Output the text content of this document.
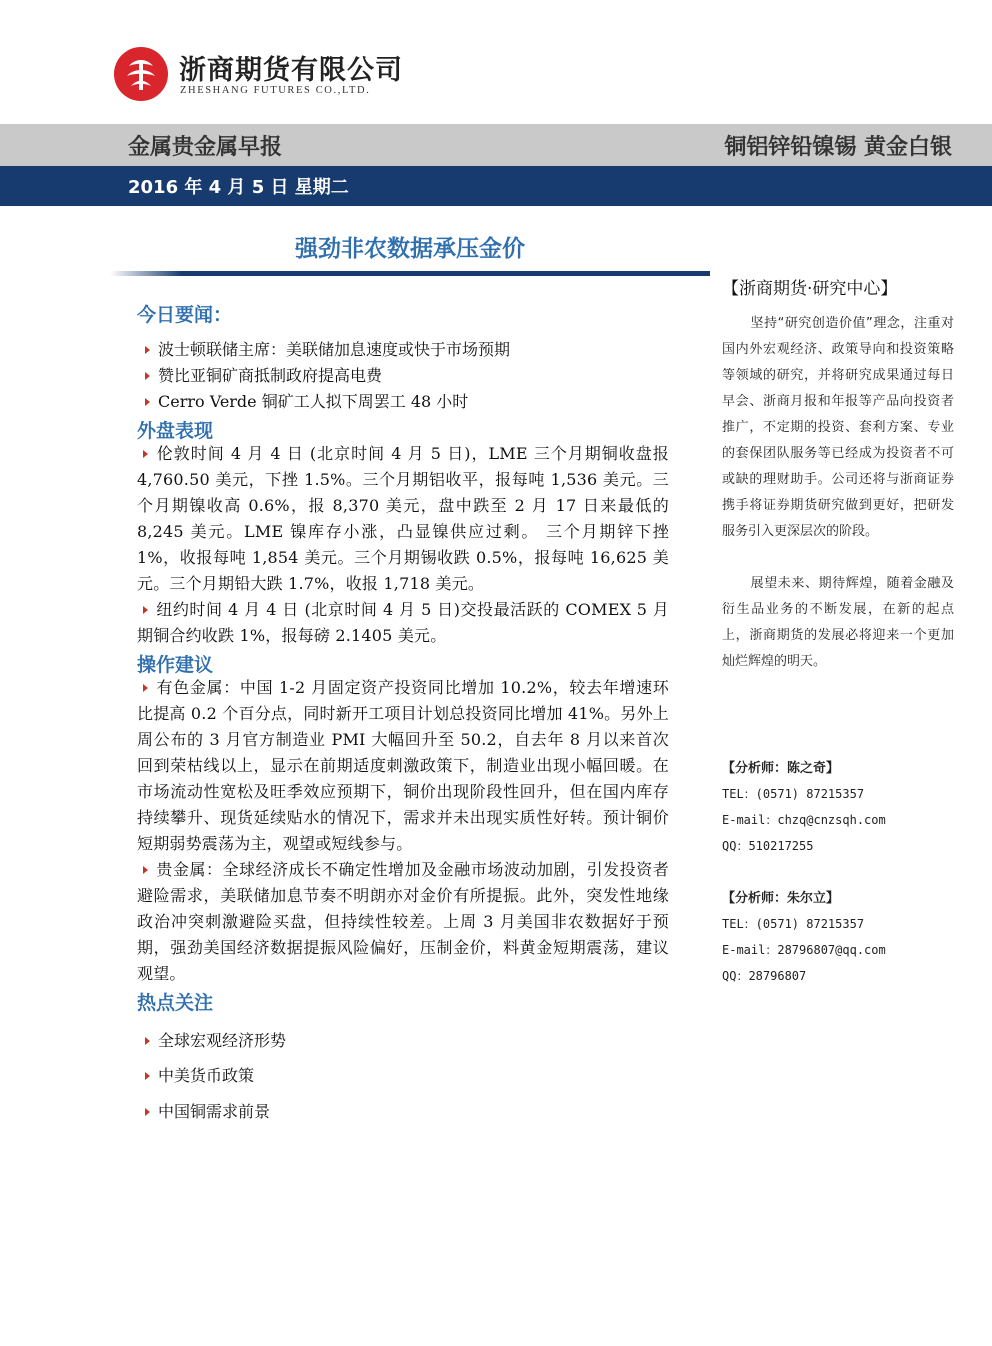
浙商期货有限公司
ZHESHANG FUTURES CO.,LTD.
金属贵金属早报	铜铝锌铅镍锡 黄金白银
2016 年 4 月 5 日 星期二
强劲非农数据承压金价
今日要闻：
波士顿联储主席：美联储加息速度或快于市场预期
赞比亚铜矿商抵制政府提高电费
Cerro Verde 铜矿工人拟下周罢工 48 小时
外盘表现
伦敦时间 4 月 4 日 (北京时间 4 月 5 日)，LME 三个月期铜收盘报 4,760.50 美元，下挫 1.5%。三个月期铝收平，报每吨 1,536 美元。三个月期镍收高 0.6%，报 8,370 美元，盘中跌至 2 月 17 日来最低的 8,245 美元。LME 镍库存小涨，凸显镍供应过剩。 三个月期锌下挫 1%，收报每吨 1,854 美元。三个月期锡收跌 0.5%，报每吨 16,625 美元。三个月期铅大跌 1.7%，收报 1,718 美元。
纽约时间 4 月 4 日 (北京时间 4 月 5 日)交投最活跃的 COMEX 5 月期铜合约收跌 1%，报每磅 2.1405 美元。
操作建议
有色金属：中国 1-2 月固定资产投资同比增加 10.2%，较去年增速环比提高 0.2 个百分点，同时新开工项目计划总投资同比增加 41%。另外上周公布的 3 月官方制造业 PMI 大幅回升至 50.2，自去年 8 月以来首次回到荣枯线以上，显示在前期适度刺激政策下，制造业出现小幅回暖。在市场流动性宽松及旺季效应预期下，铜价出现阶段性回升，但在国内库存持续攀升、现货延续贴水的情况下，需求并未出现实质性好转。预计铜价短期弱势震荡为主，观望或短线参与。
贵金属：全球经济成长不确定性增加及金融市场波动加剧，引发投资者避险需求，美联储加息节奏不明朗亦对金价有所提振。此外，突发性地缘政治冲突刺激避险买盘，但持续性较差。上周 3 月美国非农数据好于预期，强劲美国经济数据提振风险偏好，压制金价，料黄金短期震荡，建议观望。
热点关注
全球宏观经济形势
中美货币政策
中国铜需求前景
【浙商期货·研究中心】
坚持“研究创造价值”理念，注重对国内外宏观经济、政策导向和投资策略等领域的研究，并将研究成果通过每日早会、浙商月报和年报等产品向投资者推广，不定期的投资、套利方案、专业的套保团队服务等已经成为投资者不可或缺的理财助手。公司还将与浙商证券携手将证券期货研究做到更好，把研发服务引入更深层次的阶段。
展望未来、期待辉煌，随着金融及衍生品业务的不断发展，在新的起点上，浙商期货的发展必将迎来一个更加灿烂辉煌的明天。
【分析师：陈之奇】
TEL：(0571) 87215357
E-mail：chzq@cnzsqh.com
QQ：510217255
【分析师：朱尔立】
TEL：(0571) 87215357
E-mail：28796807@qq.com
QQ：28796807
